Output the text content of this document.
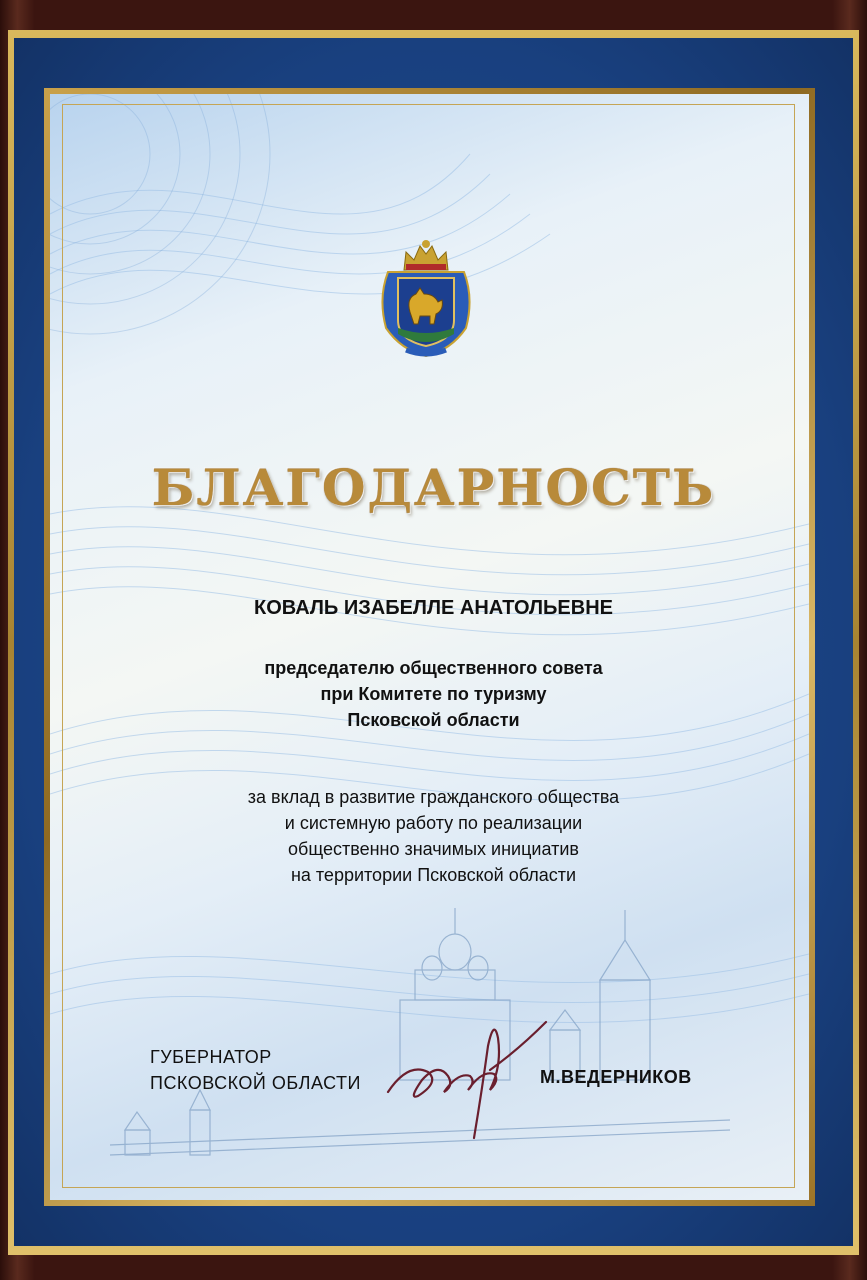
БЛАГОДАРНОСТЬ
КОВАЛЬ ИЗАБЕЛЛЕ АНАТОЛЬЕВНЕ
председателю общественного совета
при Комитете по туризму
Псковской области
за вклад в развитие гражданского общества
и системную работу по реализации
общественно значимых инициатив
на территории Псковской области
ГУБЕРНАТОР
ПСКОВСКОЙ ОБЛАСТИ	М.ВЕДЕРНИКОВ
